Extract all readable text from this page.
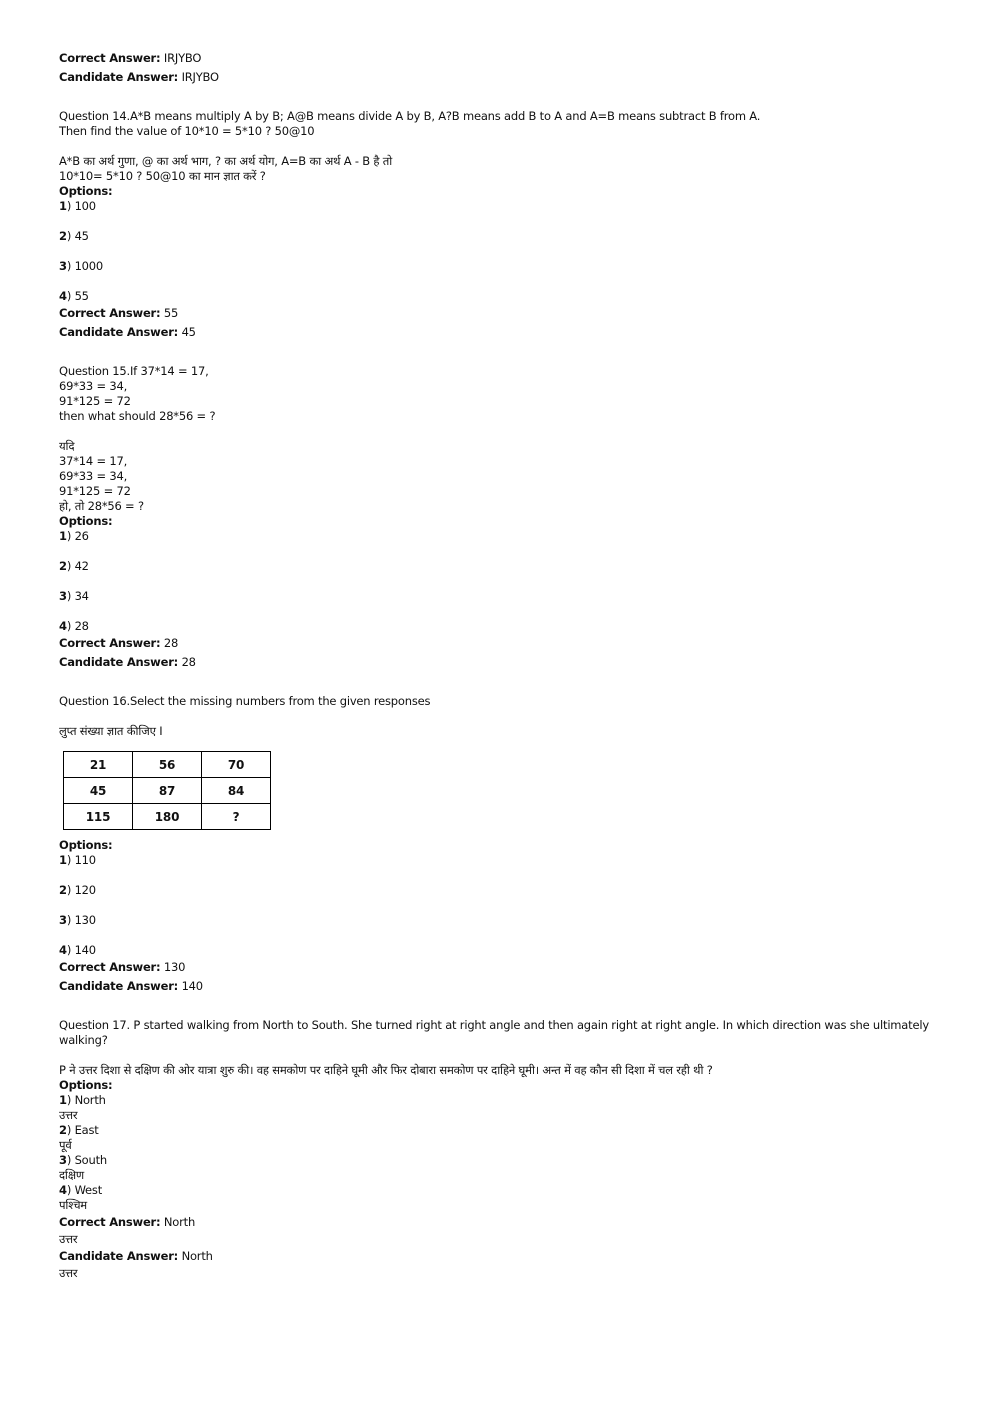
Correct Answer: IRJYBO
Candidate Answer: IRJYBO
Question 14.A*B means multiply A by B; A@B means divide A by B, A?B means add B to A and A=B means subtract B from A.
Then find the value of 10*10 = 5*10 ? 50@10
A*B का अर्थ गुणा, @ का अर्थ भाग, ? का अर्थ योग, A=B का अर्थ A - B है तो
10*10= 5*10 ? 50@10 का मान ज्ञात करें ?
Options:
1) 100
2) 45
3) 1000
4) 55
Correct Answer: 55
Candidate Answer: 45
Question 15.If 37*14 = 17,
69*33 = 34,
91*125 = 72
then what should 28*56 = ?
यदि
37*14 = 17,
69*33 = 34,
91*125 = 72
हो, तो 28*56 = ?
Options:
1) 26
2) 42
3) 34
4) 28
Correct Answer: 28
Candidate Answer: 28
Question 16.Select the missing numbers from the given responses
लुप्त संख्या ज्ञात कीजिए I
21	56	70
45	87	84
115	180	?
Options:
1) 110
2) 120
3) 130
4) 140
Correct Answer: 130
Candidate Answer: 140
Question 17. P started walking from North to South. She turned right at right angle and then again right at right angle. In which direction was she ultimately walking?
P ने उत्तर दिशा से दक्षिण की ओर यात्रा शुरु की। वह समकोण पर दाहिने घूमी और फिर दोबारा समकोण पर दाहिने घूमी। अन्त में वह कौन सी दिशा में चल रही थी ?
Options:
1) North
उत्तर
2) East
पूर्व
3) South
दक्षिण
4) West
पश्चिम
Correct Answer: North
उत्तर
Candidate Answer: North
उत्तर
